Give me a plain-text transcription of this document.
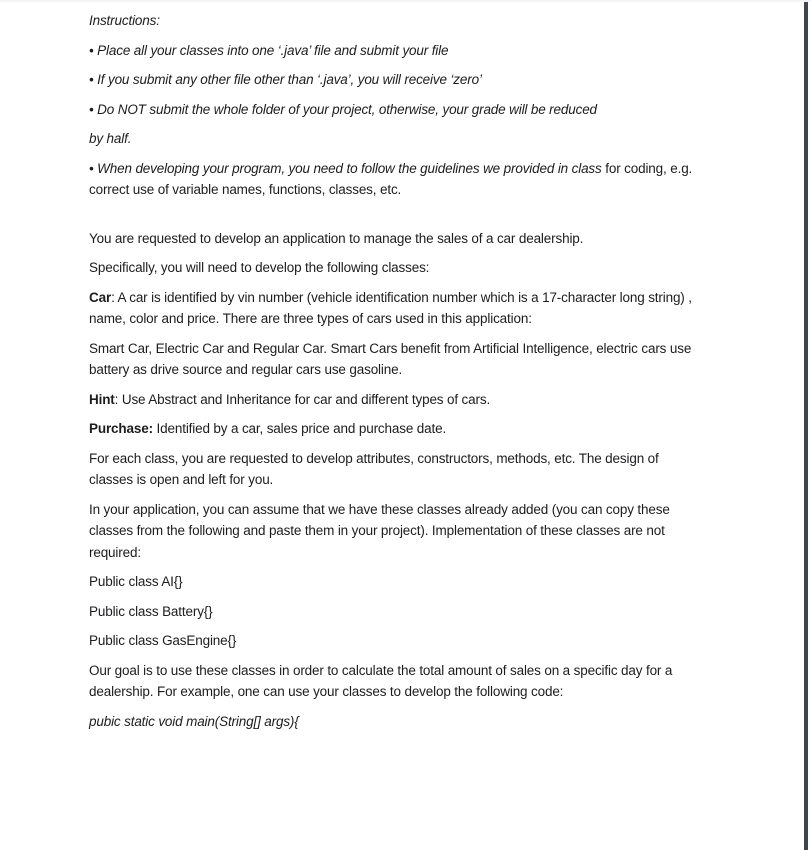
Instructions:

• Place all your classes into one ‘.java’ file and submit your file

• If you submit any other file other than ‘.java’, you will receive ‘zero’

• Do NOT submit the whole folder of your project, otherwise, your grade will be reduced

by half.

• When developing your program, you need to follow the guidelines we provided in class for coding, e.g.
correct use of variable names, functions, classes, etc.

You are requested to develop an application to manage the sales of a car dealership.

Specifically, you will need to develop the following classes:

Car: A car is identified by vin number (vehicle identification number which is a 17-character long string) ,
name, color and price. There are three types of cars used in this application:

Smart Car, Electric Car and Regular Car. Smart Cars benefit from Artificial Intelligence, electric cars use
battery as drive source and regular cars use gasoline.

Hint: Use Abstract and Inheritance for car and different types of cars.

Purchase: Identified by a car, sales price and purchase date.

For each class, you are requested to develop attributes, constructors, methods, etc. The design of
classes is open and left for you.

In your application, you can assume that we have these classes already added (you can copy these
classes from the following and paste them in your project). Implementation of these classes are not
required:

Public class AI{}

Public class Battery{}

Public class GasEngine{}

Our goal is to use these classes in order to calculate the total amount of sales on a specific day for a
dealership. For example, one can use your classes to develop the following code:

pubic static void main(String[] args){
